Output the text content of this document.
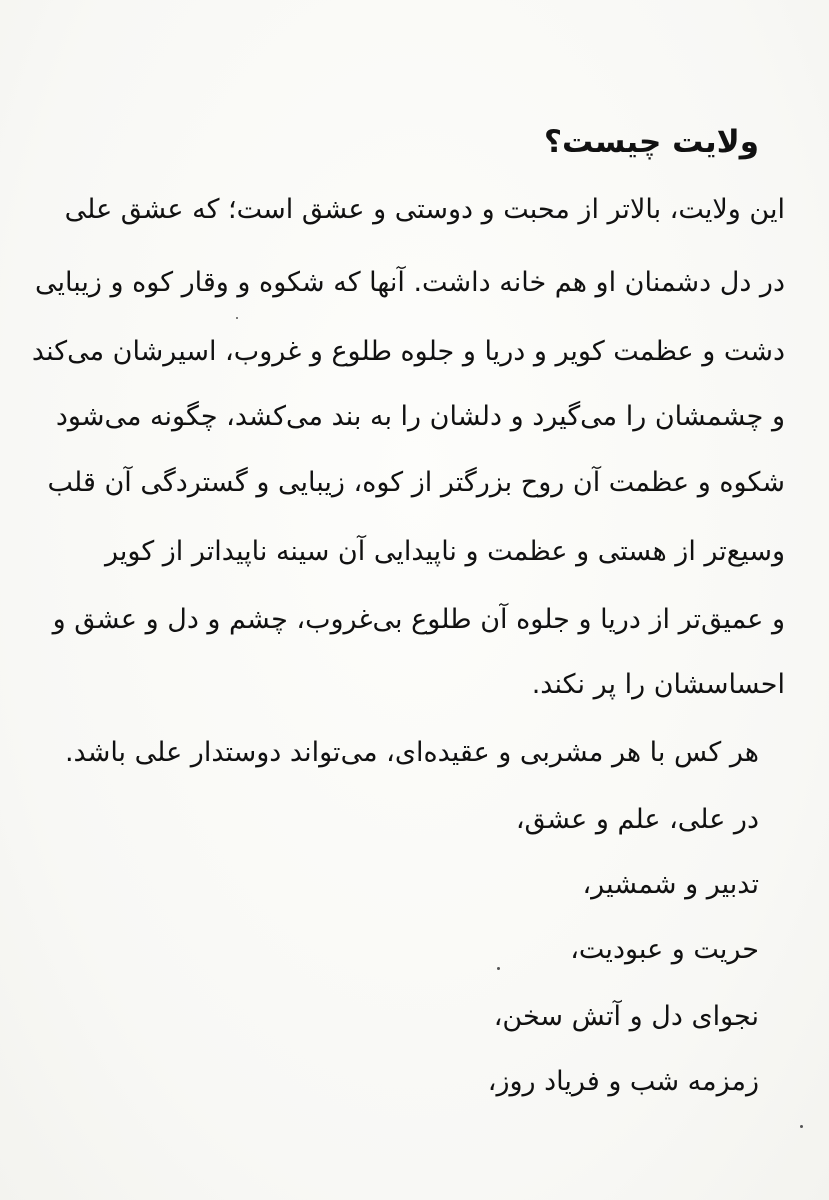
ولایت چیست؟
این ولایت، بالاتر از محبت و دوستی و عشق است؛ که عشق علی
در دل دشمنان او هم خانه داشت. آنها که شکوه و وقار کوه و زیبایی
دشت و عظمت کویر و دریا و جلوه طلوع و غروب، اسیرشان می‌کند
و چشمشان را می‌گیرد و دلشان را به بند می‌کشد، چگونه می‌شود
شکوه و عظمت آن روح بزرگتر از کوه، زیبایی و گستردگی آن قلب
وسیع‌تر از هستی و عظمت و ناپیدایی آن سینه ناپیداتر از کویر
و عمیق‌تر از دریا و جلوه آن طلوع بی‌غروب، چشم و دل و عشق و
احساسشان را پر نکند.
هر کس با هر مشربی و عقیده‌ای، می‌تواند دوستدار علی باشد.
در علی، علم و عشق،
تدبیر و شمشیر،
حریت و عبودیت،
نجوای دل و آتش سخن،
زمزمه شب و فریاد روز،
